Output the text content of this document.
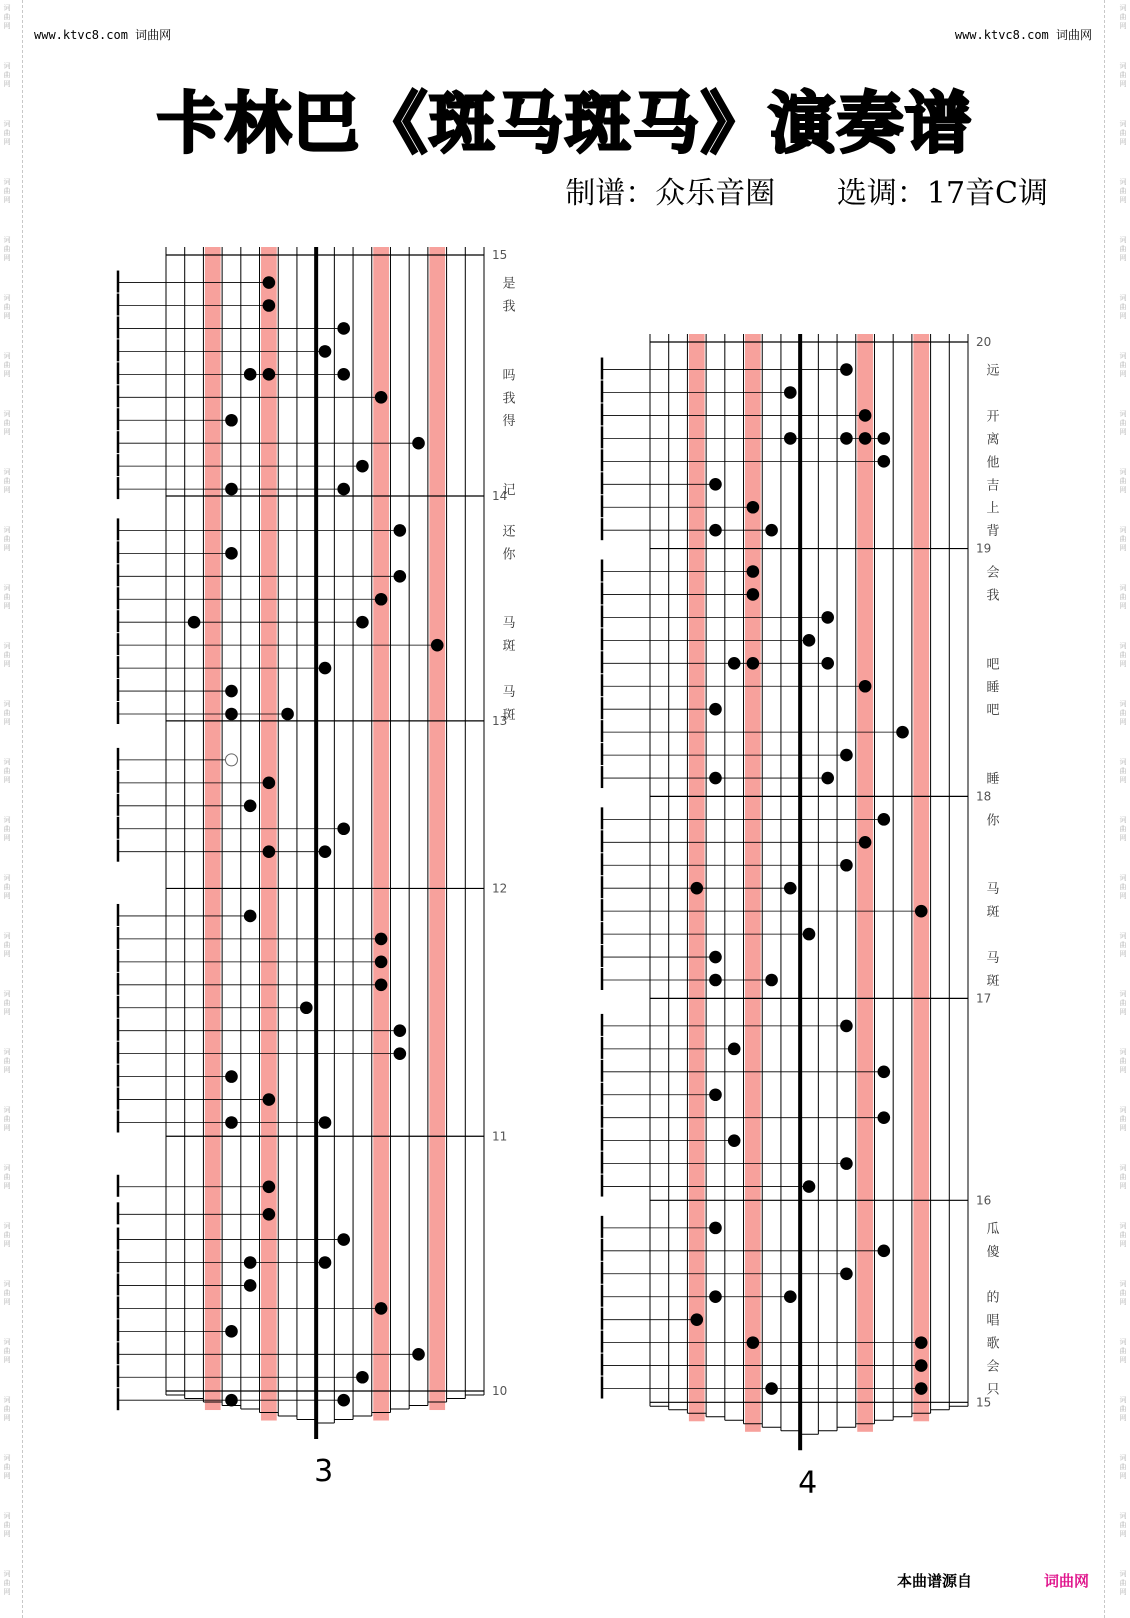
词
曲
网
词
曲
网
词
曲
网
词
曲
网
词
曲
网
词
曲
网
词
曲
网
词
曲
网
词
曲
网
词
曲
网
词
曲
网
词
曲
网
词
曲
网
词
曲
网
词
曲
网
词
曲
网
词
曲
网
词
曲
网
词
曲
网
词
曲
网
词
曲
网
词
曲
网
词
曲
网
词
曲
网
词
曲
网
词
曲
网
词
曲
网
词
曲
网
词
曲
网
词
曲
网
词
曲
网
词
曲
网
词
曲
网
词
曲
网
词
曲
网
词
曲
网
词
曲
网
词
曲
网
词
曲
网
词
曲
网
词
曲
网
词
曲
网
词
曲
网
词
曲
网
词
曲
网
词
曲
网
词
曲
网
词
曲
网
词
曲
网
词
曲
网
词
曲
网
词
曲
网
词
曲
网
词
曲
网
词
曲
网
词
曲
网
www.ktvc8.com 词曲网	www.ktvc8.com 词曲网
卡林巴《斑马斑马》演奏谱
制谱：众乐音圈 选调：17音C调
15
14
13
12
11
10
是
我
吗
我
得
记
还
你
马
斑
马
斑
3
20
19
18
17
16
15
远
开
离
他
吉
上
背
会
我
吧
睡
吧
睡
你
马
斑
马
斑
瓜
傻
的
唱
歌
会
只
4
本曲谱源自	词曲网
